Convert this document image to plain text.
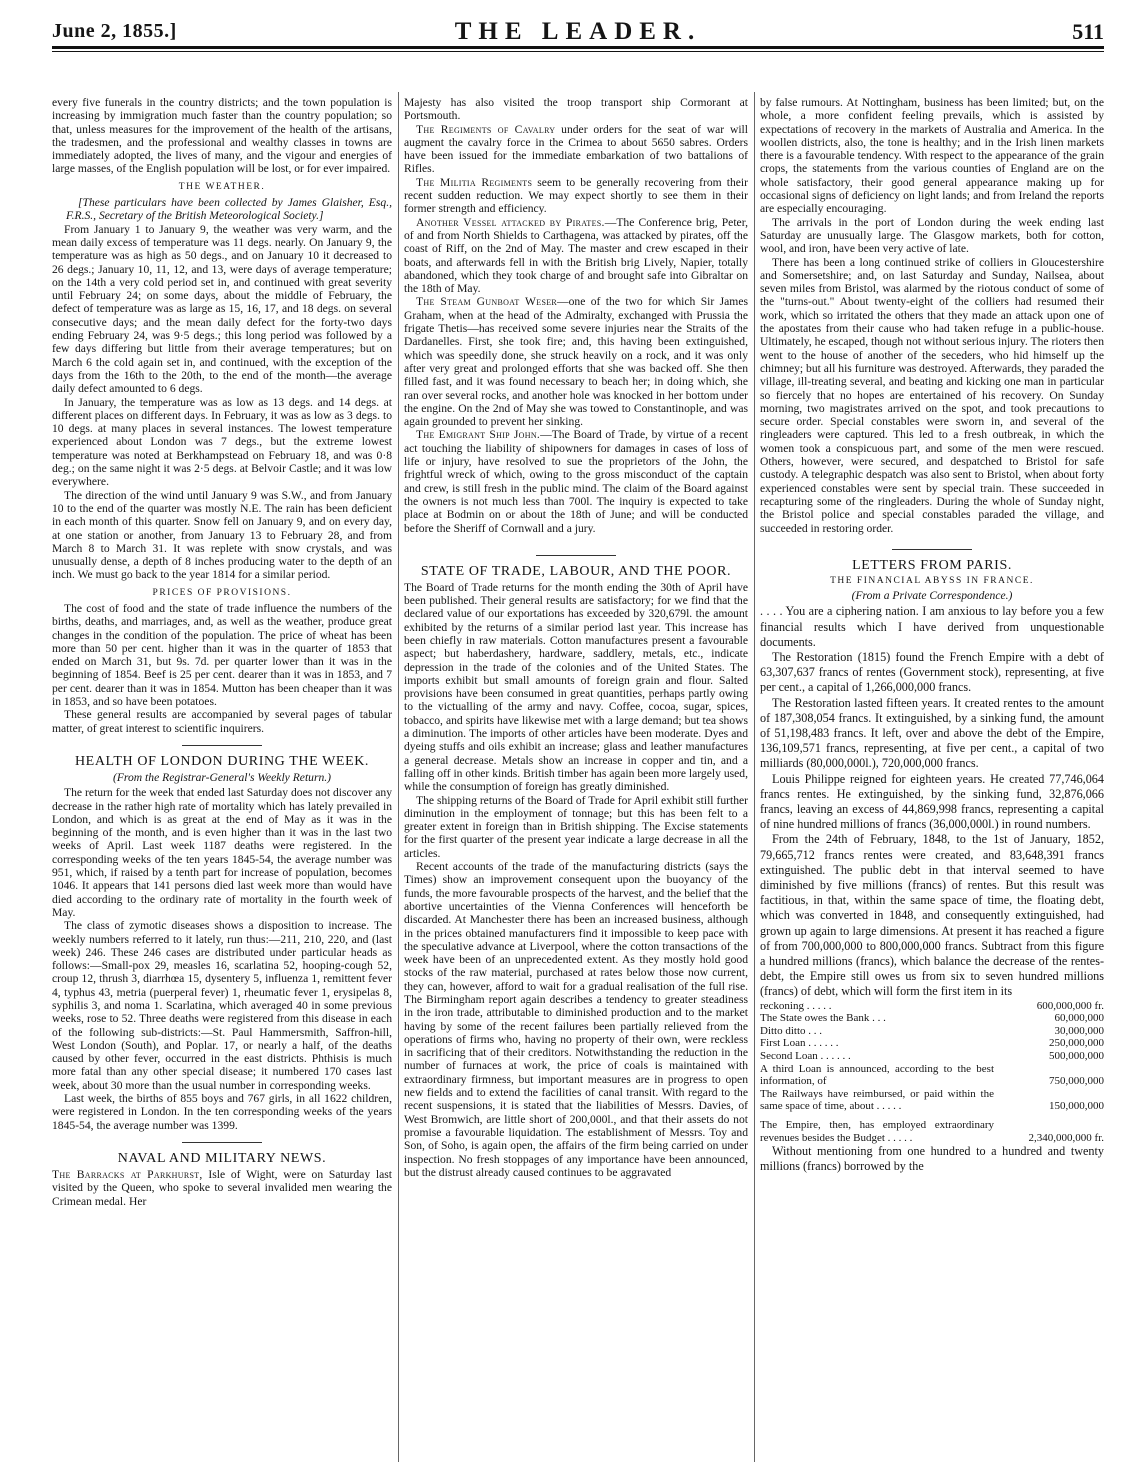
June 2, 1855.]	THE LEADER.	511

every five funerals in the country districts; and the town population is increasing by immigration much faster than the country population; so that, unless measures for the improvement of the health of the artisans, the tradesmen, and the professional and wealthy classes in towns are immediately adopted, the lives of many, and the vigour and energies of large masses, of the English population will be lost, or for ever impaired.

THE WEATHER.

[These particulars have been collected by James Glaisher, Esq., F.R.S., Secretary of the British Meteorological Society.]

From January 1 to January 9, the weather was very warm, and the mean daily excess of temperature was 11 degs. nearly. On January 9, the temperature was as high as 50 degs., and on January 10 it decreased to 26 degs.; January 10, 11, 12, and 13, were days of average temperature; on the 14th a very cold period set in, and continued with great severity until February 24; on some days, about the middle of February, the defect of temperature was as large as 15, 16, 17, and 18 degs. on several consecutive days; and the mean daily defect for the forty-two days ending February 24, was 9·5 degs.; this long period was followed by a few days differing but little from their average temperatures; but on March 6 the cold again set in, and continued, with the exception of the days from the 16th to the 20th, to the end of the month—the average daily defect amounted to 6 degs.

In January, the temperature was as low as 13 degs. and 14 degs. at different places on different days. In February, it was as low as 3 degs. to 10 degs. at many places in several instances. The lowest temperature experienced about London was 7 degs., but the extreme lowest temperature was noted at Berkhampstead on February 18, and was 0·8 deg.; on the same night it was 2·5 degs. at Belvoir Castle; and it was low everywhere.

The direction of the wind until January 9 was S.W., and from January 10 to the end of the quarter was mostly N.E. The rain has been deficient in each month of this quarter. Snow fell on January 9, and on every day, at one station or another, from January 13 to February 28, and from March 8 to March 31. It was replete with snow crystals, and was unusually dense, a depth of 8 inches producing water to the depth of an inch. We must go back to the year 1814 for a similar period.

PRICES OF PROVISIONS.

The cost of food and the state of trade influence the numbers of the births, deaths, and marriages, and, as well as the weather, produce great changes in the condition of the population. The price of wheat has been more than 50 per cent. higher than it was in the quarter of 1853 that ended on March 31, but 9s. 7d. per quarter lower than it was in the beginning of 1854. Beef is 25 per cent. dearer than it was in 1853, and 7 per cent. dearer than it was in 1854. Mutton has been cheaper than it was in 1853, and so have been potatoes.

These general results are accompanied by several pages of tabular matter, of great interest to scientific inquirers.

HEALTH OF LONDON DURING THE WEEK.
(From the Registrar-General's Weekly Return.)

The return for the week that ended last Saturday does not discover any decrease in the rather high rate of mortality which has lately prevailed in London, and which is as great at the end of May as it was in the beginning of the month, and is even higher than it was in the last two weeks of April. Last week 1187 deaths were registered. In the corresponding weeks of the ten years 1845-54, the average number was 951, which, if raised by a tenth part for increase of population, becomes 1046. It appears that 141 persons died last week more than would have died according to the ordinary rate of mortality in the fourth week of May.

The class of zymotic diseases shows a disposition to increase. The weekly numbers referred to it lately, run thus:—211, 210, 220, and (last week) 246. These 246 cases are distributed under particular heads as follows:—Small-pox 29, measles 16, scarlatina 52, hooping-cough 52, croup 12, thrush 3, diarrhœa 15, dysentery 5, influenza 1, remittent fever 4, typhus 43, metria (puerperal fever) 1, rheumatic fever 1, erysipelas 8, syphilis 3, and noma 1. Scarlatina, which averaged 40 in some previous weeks, rose to 52. Three deaths were registered from this disease in each of the following sub-districts:—St. Paul Hammersmith, Saffron-hill, West London (South), and Poplar. 17, or nearly a half, of the deaths caused by other fever, occurred in the east districts. Phthisis is much more fatal than any other special disease; it numbered 170 cases last week, about 30 more than the usual number in corresponding weeks.

Last week, the births of 855 boys and 767 girls, in all 1622 children, were registered in London. In the ten corresponding weeks of the years 1845-54, the average number was 1399.

NAVAL AND MILITARY NEWS.

The Barracks at Parkhurst, Isle of Wight, were on Saturday last visited by the Queen, who spoke to several invalided men wearing the Crimean medal. Her

Majesty has also visited the troop transport ship Cormorant at Portsmouth.

The Regiments of Cavalry under orders for the seat of war will augment the cavalry force in the Crimea to about 5650 sabres. Orders have been issued for the immediate embarkation of two battalions of Rifles.

The Militia Regiments seem to be generally recovering from their recent sudden reduction. We may expect shortly to see them in their former strength and efficiency.

Another Vessel attacked by Pirates.—The Conference brig, Peter, of and from North Shields to Carthagena, was attacked by pirates, off the coast of Riff, on the 2nd of May. The master and crew escaped in their boats, and afterwards fell in with the British brig Lively, Napier, totally abandoned, which they took charge of and brought safe into Gibraltar on the 18th of May.

The Steam Gunboat Weser—one of the two for which Sir James Graham, when at the head of the Admiralty, exchanged with Prussia the frigate Thetis—has received some severe injuries near the Straits of the Dardanelles. First, she took fire; and, this having been extinguished, which was speedily done, she struck heavily on a rock, and it was only after very great and prolonged efforts that she was backed off. She then filled fast, and it was found necessary to beach her; in doing which, she ran over several rocks, and another hole was knocked in her bottom under the engine. On the 2nd of May she was towed to Constantinople, and was again grounded to prevent her sinking.

The Emigrant Ship John.—The Board of Trade, by virtue of a recent act touching the liability of shipowners for damages in cases of loss of life or injury, have resolved to sue the proprietors of the John, the frightful wreck of which, owing to the gross misconduct of the captain and crew, is still fresh in the public mind. The claim of the Board against the owners is not much less than 700l. The inquiry is expected to take place at Bodmin on or about the 18th of June; and will be conducted before the Sheriff of Cornwall and a jury.

STATE OF TRADE, LABOUR, AND THE POOR.

The Board of Trade returns for the month ending the 30th of April have been published. Their general results are satisfactory; for we find that the declared value of our exportations has exceeded by 320,679l. the amount exhibited by the returns of a similar period last year. This increase has been chiefly in raw materials. Cotton manufactures present a favourable aspect; but haberdashery, hardware, saddlery, metals, etc., indicate depression in the trade of the colonies and of the United States. The imports exhibit but small amounts of foreign grain and flour. Salted provisions have been consumed in great quantities, perhaps partly owing to the victualling of the army and navy. Coffee, cocoa, sugar, spices, tobacco, and spirits have likewise met with a large demand; but tea shows a diminution. The imports of other articles have been moderate. Dyes and dyeing stuffs and oils exhibit an increase; glass and leather manufactures a general decrease. Metals show an increase in copper and tin, and a falling off in other kinds. British timber has again been more largely used, while the consumption of foreign has greatly diminished.

The shipping returns of the Board of Trade for April exhibit still further diminution in the employment of tonnage; but this has been felt to a greater extent in foreign than in British shipping. The Excise statements for the first quarter of the present year indicate a large decrease in all the articles.

Recent accounts of the trade of the manufacturing districts (says the Times) show an improvement consequent upon the buoyancy of the funds, the more favourable prospects of the harvest, and the belief that the abortive uncertainties of the Vienna Conferences will henceforth be discarded. At Manchester there has been an increased business, although in the prices obtained manufacturers find it impossible to keep pace with the speculative advance at Liverpool, where the cotton transactions of the week have been of an unprecedented extent. As they mostly hold good stocks of the raw material, purchased at rates below those now current, they can, however, afford to wait for a gradual realisation of the full rise. The Birmingham report again describes a tendency to greater steadiness in the iron trade, attributable to diminished production and to the market having by some of the recent failures been partially relieved from the operations of firms who, having no property of their own, were reckless in sacrificing that of their creditors. Notwithstanding the reduction in the number of furnaces at work, the price of coals is maintained with extraordinary firmness, but important measures are in progress to open new fields and to extend the facilities of canal transit. With regard to the recent suspensions, it is stated that the liabilities of Messrs. Davies, of West Bromwich, are little short of 200,000l., and that their assets do not promise a favourable liquidation. The establishment of Messrs. Toy and Son, of Soho, is again open, the affairs of the firm being carried on under inspection. No fresh stoppages of any importance have been announced, but the distrust already caused continues to be aggravated

by false rumours. At Nottingham, business has been limited; but, on the whole, a more confident feeling prevails, which is assisted by expectations of recovery in the markets of Australia and America. In the woollen districts, also, the tone is healthy; and in the Irish linen markets there is a favourable tendency. With respect to the appearance of the grain crops, the statements from the various counties of England are on the whole satisfactory, their good general appearance making up for occasional signs of deficiency on light lands; and from Ireland the reports are especially encouraging.

The arrivals in the port of London during the week ending last Saturday are unusually large. The Glasgow markets, both for cotton, wool, and iron, have been very active of late.

There has been a long continued strike of colliers in Gloucestershire and Somersetshire; and, on last Saturday and Sunday, Nailsea, about seven miles from Bristol, was alarmed by the riotous conduct of some of the "turns-out." About twenty-eight of the colliers had resumed their work, which so irritated the others that they made an attack upon one of the apostates from their cause who had taken refuge in a public-house. Ultimately, he escaped, though not without serious injury. The rioters then went to the house of another of the seceders, who hid himself up the chimney; but all his furniture was destroyed. Afterwards, they paraded the village, ill-treating several, and beating and kicking one man in particular so fiercely that no hopes are entertained of his recovery. On Sunday morning, two magistrates arrived on the spot, and took precautions to secure order. Special constables were sworn in, and several of the ringleaders were captured. This led to a fresh outbreak, in which the women took a conspicuous part, and some of the men were rescued. Others, however, were secured, and despatched to Bristol for safe custody. A telegraphic despatch was also sent to Bristol, when about forty experienced constables were sent by special train. These succeeded in recapturing some of the ringleaders. During the whole of Sunday night, the Bristol police and special constables paraded the village, and succeeded in restoring order.

LETTERS FROM PARIS.
THE FINANCIAL ABYSS IN FRANCE.
(From a Private Correspondence.)

. . . . You are a ciphering nation. I am anxious to lay before you a few financial results which I have derived from unquestionable documents.

The Restoration (1815) found the French Empire with a debt of 63,307,637 francs of rentes (Government stock), representing, at five per cent., a capital of 1,266,000,000 francs.

The Restoration lasted fifteen years. It created rentes to the amount of 187,308,054 francs. It extinguished, by a sinking fund, the amount of 51,198,483 francs. It left, over and above the debt of the Empire, 136,109,571 francs, representing, at five per cent., a capital of two milliards (80,000,000l.), 720,000,000 francs.

Louis Philippe reigned for eighteen years. He created 77,746,064 francs rentes. He extinguished, by the sinking fund, 32,876,066 francs, leaving an excess of 44,869,998 francs, representing a capital of nine hundred millions of francs (36,000,000l.) in round numbers.

From the 24th of February, 1848, to the 1st of January, 1852, 79,665,712 francs rentes were created, and 83,648,391 francs extinguished. The public debt in that interval seemed to have diminished by five millions (francs) of rentes. But this result was factitious, in that, within the same space of time, the floating debt, which was converted in 1848, and consequently extinguished, had grown up again to large dimensions. At present it has reached a figure of from 700,000,000 to 800,000,000 francs. Subtract from this figure a hundred millions (francs), which balance the decrease of the rentes-debt, the Empire still owes us from six to seven hundred millions (francs) of debt, which will form the first item in its

reckoning . . . . .	600,000,000 fr.
The State owes the Bank . . .	60,000,000
Ditto ditto . . .	30,000,000
First Loan . . . . . .	250,000,000
Second Loan . . . . . .	500,000,000
A third Loan is announced, according to the best information, of	750,000,000
The Railways have reimbursed, or paid within the same space of time, about . . . . .	150,000,000
The Empire, then, has employed extraordinary revenues besides the Budget . . . . .	2,340,000,000 fr.

Without mentioning from one hundred to a hundred and twenty millions (francs) borrowed by the
